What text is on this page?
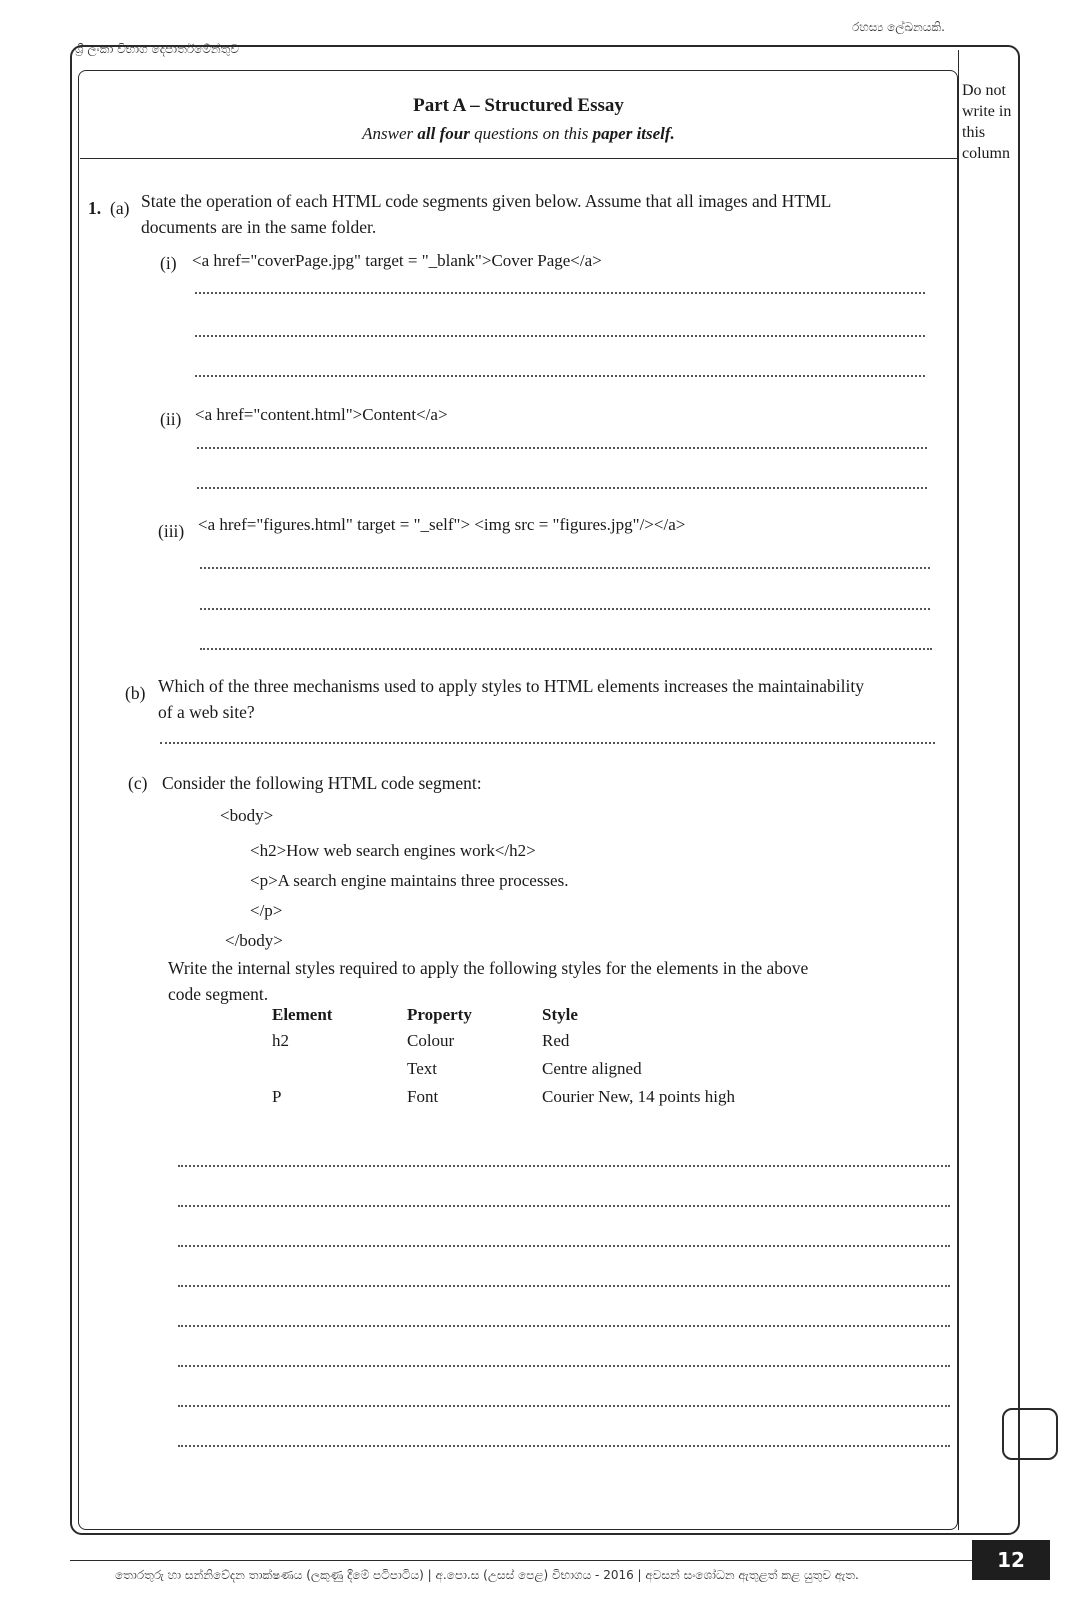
ශ්‍රී ලංකා විභාග දෙපාර්තමේන්තුව
රහස්‍ය ලේඛනයකි.
Do not write in this column
Part A – Structured Essay
Answer all four questions on this paper itself.
1. (a) State the operation of each HTML code segments given below. Assume that all images and HTML
documents are in the same folder.
(i) <a href="coverPage.jpg" target = "_blank">Cover Page</a>
(ii) <a href="content.html">Content</a>
(iii) <a href="figures.html" target = "_self"> <img src = "figures.jpg"/></a>
(b) Which of the three mechanisms used to apply styles to HTML elements increases the maintainability
of a web site?
(c) Consider the following HTML code segment:
<body>
<h2>How web search engines work</h2>
<p>A search engine maintains three processes.
</p>
</body>
Write the internal styles required to apply the following styles for the elements in the above
code segment.
Element	Property	Style
h2	Colour	Red
	Text	Centre aligned
P	Font	Courier New, 14 points high
තොරතුරු හා සන්නිවේදන තාක්ෂණය (ලකුණු දීමේ පටිපාටිය) | අ.පො.ස (උසස් පෙළ) විභාගය - 2016 | අවසන් සංශෝධන ඇතුළත් කළ යුතුව ඇත.
12
